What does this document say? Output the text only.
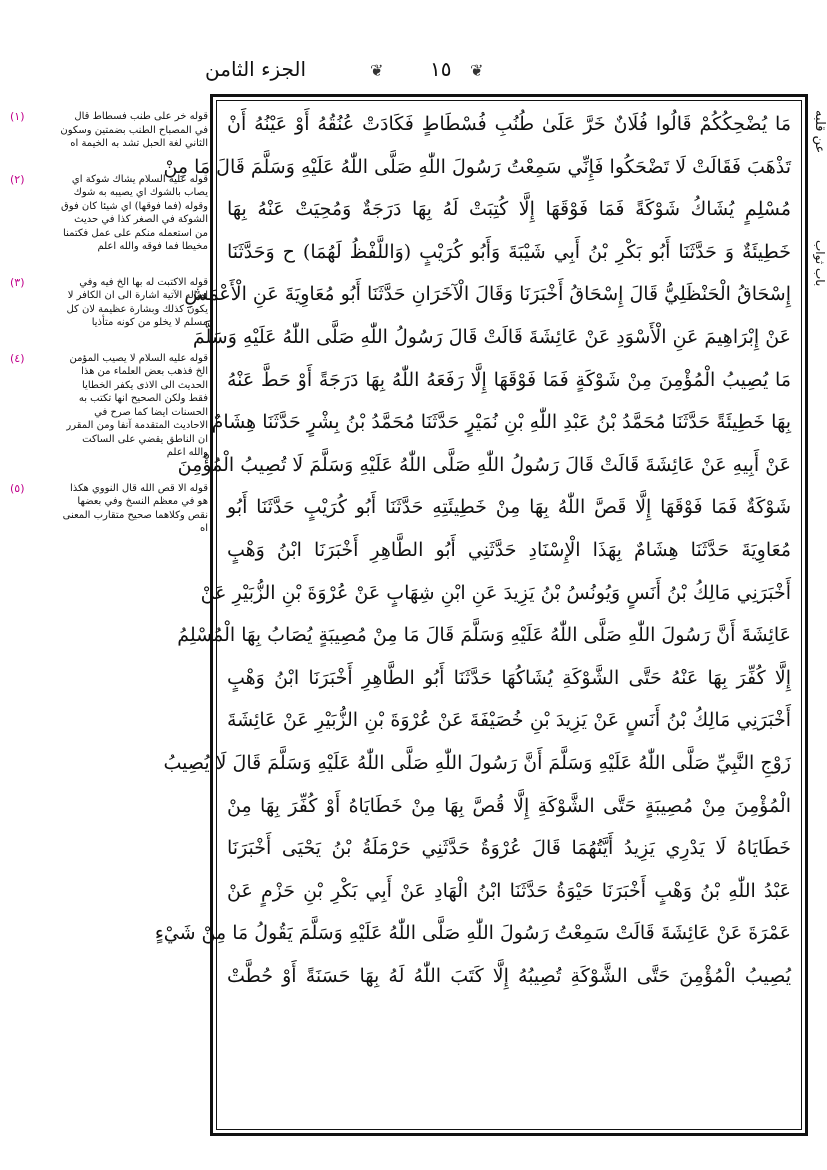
الجزء الثامن	❦ ١٥ ❦
عن قلبه
باب ثواب
(١)	قوله خر على طنب فسطاط قال في المصباح الطنب بضمتين وسكون الثاني لغة الحبل تشد به الخيمة اه
(٢)	قوله عليه السلام يشاك شوكة اي يصاب بالشوك اي يصيبه به شوك وقوله (فما فوقها) اي شيئا كان فوق الشوكة في الصغر كذا في حديث من استعمله منكم على عمل فكتمنا مخيطا فما فوقه والله اعلم
(٣)	قوله الاكتبت له بها الخ فيه وفي امثاله الآتية اشارة الى ان الكافر لا يكون كذلك وبشارة عظيمة لان كل مسلم لا يخلو من كونه متأذيا
(٤)	قوله عليه السلام لا يصيب المؤمن الخ فذهب بعض العلماء من هذا الحديث الى الاذى يكفر الخطايا فقط ولكن الصحيح انها تكتب به الحسنات ايضا كما صرح في الاحاديث المتقدمة آنفا ومن المقرر ان الناطق يقضي على الساكت والله اعلم
(٥)	قوله الا قص الله قال النووي هكذا هو في معظم النسخ وفي بعضها نقص وكلاهما صحيح متقارب المعنى اه
مَا يُضْحِكُكُمْ قَالُوا فُلَانٌ خَرَّ عَلَىٰ طُنُبِ فُسْطَاطٍ فَكَادَتْ عُنُقُهُ أَوْ عَيْنُهُ أَنْ
تَذْهَبَ فَقَالَتْ لَا تَضْحَكُوا فَإِنِّي سَمِعْتُ رَسُولَ اللّٰهِ صَلَّى اللّٰهُ عَلَيْهِ وَسَلَّمَ قَالَ مَا مِنْ
مُسْلِمٍ يُشَاكُ شَوْكَةً فَمَا فَوْقَهَا إِلَّا كُتِبَتْ لَهُ بِهَا دَرَجَةٌ وَمُحِيَتْ عَنْهُ بِهَا
خَطِيئَةٌ وَ حَدَّثَنَا أَبُو بَكْرِ بْنُ أَبِي شَيْبَةَ وَأَبُو كُرَيْبٍ (وَاللَّفْظُ لَهُمَا) ح وَحَدَّثَنَا
إِسْحَاقُ الْحَنْظَلِيُّ قَالَ إِسْحَاقُ أَخْبَرَنَا وَقَالَ الْآخَرَانِ حَدَّثَنَا أَبُو مُعَاوِيَةَ عَنِ الْأَعْمَشِ
عَنْ إِبْرَاهِيمَ عَنِ الْأَسْوَدِ عَنْ عَائِشَةَ قَالَتْ قَالَ رَسُولُ اللّٰهِ صَلَّى اللّٰهُ عَلَيْهِ وَسَلَّمَ
مَا يُصِيبُ الْمُؤْمِنَ مِنْ شَوْكَةٍ فَمَا فَوْقَهَا إِلَّا رَفَعَهُ اللّٰهُ بِهَا دَرَجَةً أَوْ حَطَّ عَنْهُ
بِهَا خَطِيئَةً حَدَّثَنَا مُحَمَّدُ بْنُ عَبْدِ اللّٰهِ بْنِ نُمَيْرٍ حَدَّثَنَا مُحَمَّدُ بْنُ بِشْرٍ حَدَّثَنَا هِشَامٌ
عَنْ أَبِيهِ عَنْ عَائِشَةَ قَالَتْ قَالَ رَسُولُ اللّٰهِ صَلَّى اللّٰهُ عَلَيْهِ وَسَلَّمَ لَا تُصِيبُ الْمُؤْمِنَ
شَوْكَةٌ فَمَا فَوْقَهَا إِلَّا قَصَّ اللّٰهُ بِهَا مِنْ خَطِيئَتِهِ حَدَّثَنَا أَبُو كُرَيْبٍ حَدَّثَنَا أَبُو
مُعَاوِيَةَ حَدَّثَنَا هِشَامٌ بِهَذَا الْإِسْنَادِ حَدَّثَنِي أَبُو الطَّاهِرِ أَخْبَرَنَا ابْنُ وَهْبٍ
أَخْبَرَنِي مَالِكُ بْنُ أَنَسٍ وَيُونُسُ بْنُ يَزِيدَ عَنِ ابْنِ شِهَابٍ عَنْ عُرْوَةَ بْنِ الزُّبَيْرِ عَنْ
عَائِشَةَ أَنَّ رَسُولَ اللّٰهِ صَلَّى اللّٰهُ عَلَيْهِ وَسَلَّمَ قَالَ مَا مِنْ مُصِيبَةٍ يُصَابُ بِهَا الْمُسْلِمُ
إِلَّا كُفِّرَ بِهَا عَنْهُ حَتَّى الشَّوْكَةِ يُشَاكُهَا حَدَّثَنَا أَبُو الطَّاهِرِ أَخْبَرَنَا ابْنُ وَهْبٍ
أَخْبَرَنِي مَالِكُ بْنُ أَنَسٍ عَنْ يَزِيدَ بْنِ خُصَيْفَةَ عَنْ عُرْوَةَ بْنِ الزُّبَيْرِ عَنْ عَائِشَةَ
زَوْجِ النَّبِيِّ صَلَّى اللّٰهُ عَلَيْهِ وَسَلَّمَ أَنَّ رَسُولَ اللّٰهِ صَلَّى اللّٰهُ عَلَيْهِ وَسَلَّمَ قَالَ لَا يُصِيبُ
الْمُؤْمِنَ مِنْ مُصِيبَةٍ حَتَّى الشَّوْكَةِ إِلَّا قُصَّ بِهَا مِنْ خَطَايَاهُ أَوْ كُفِّرَ بِهَا مِنْ
خَطَايَاهُ لَا يَدْرِي يَزِيدُ أَيَّتُهُمَا قَالَ عُرْوَةُ حَدَّثَنِي حَرْمَلَةُ بْنُ يَحْيَى أَخْبَرَنَا
عَبْدُ اللّٰهِ بْنُ وَهْبٍ أَخْبَرَنَا حَيْوَةُ حَدَّثَنَا ابْنُ الْهَادِ عَنْ أَبِي بَكْرِ بْنِ حَزْمٍ عَنْ
عَمْرَةَ عَنْ عَائِشَةَ قَالَتْ سَمِعْتُ رَسُولَ اللّٰهِ صَلَّى اللّٰهُ عَلَيْهِ وَسَلَّمَ يَقُولُ مَا مِنْ شَيْءٍ
يُصِيبُ الْمُؤْمِنَ حَتَّى الشَّوْكَةِ تُصِيبُهُ إِلَّا كَتَبَ اللّٰهُ لَهُ بِهَا حَسَنَةً أَوْ حُطَّتْ
